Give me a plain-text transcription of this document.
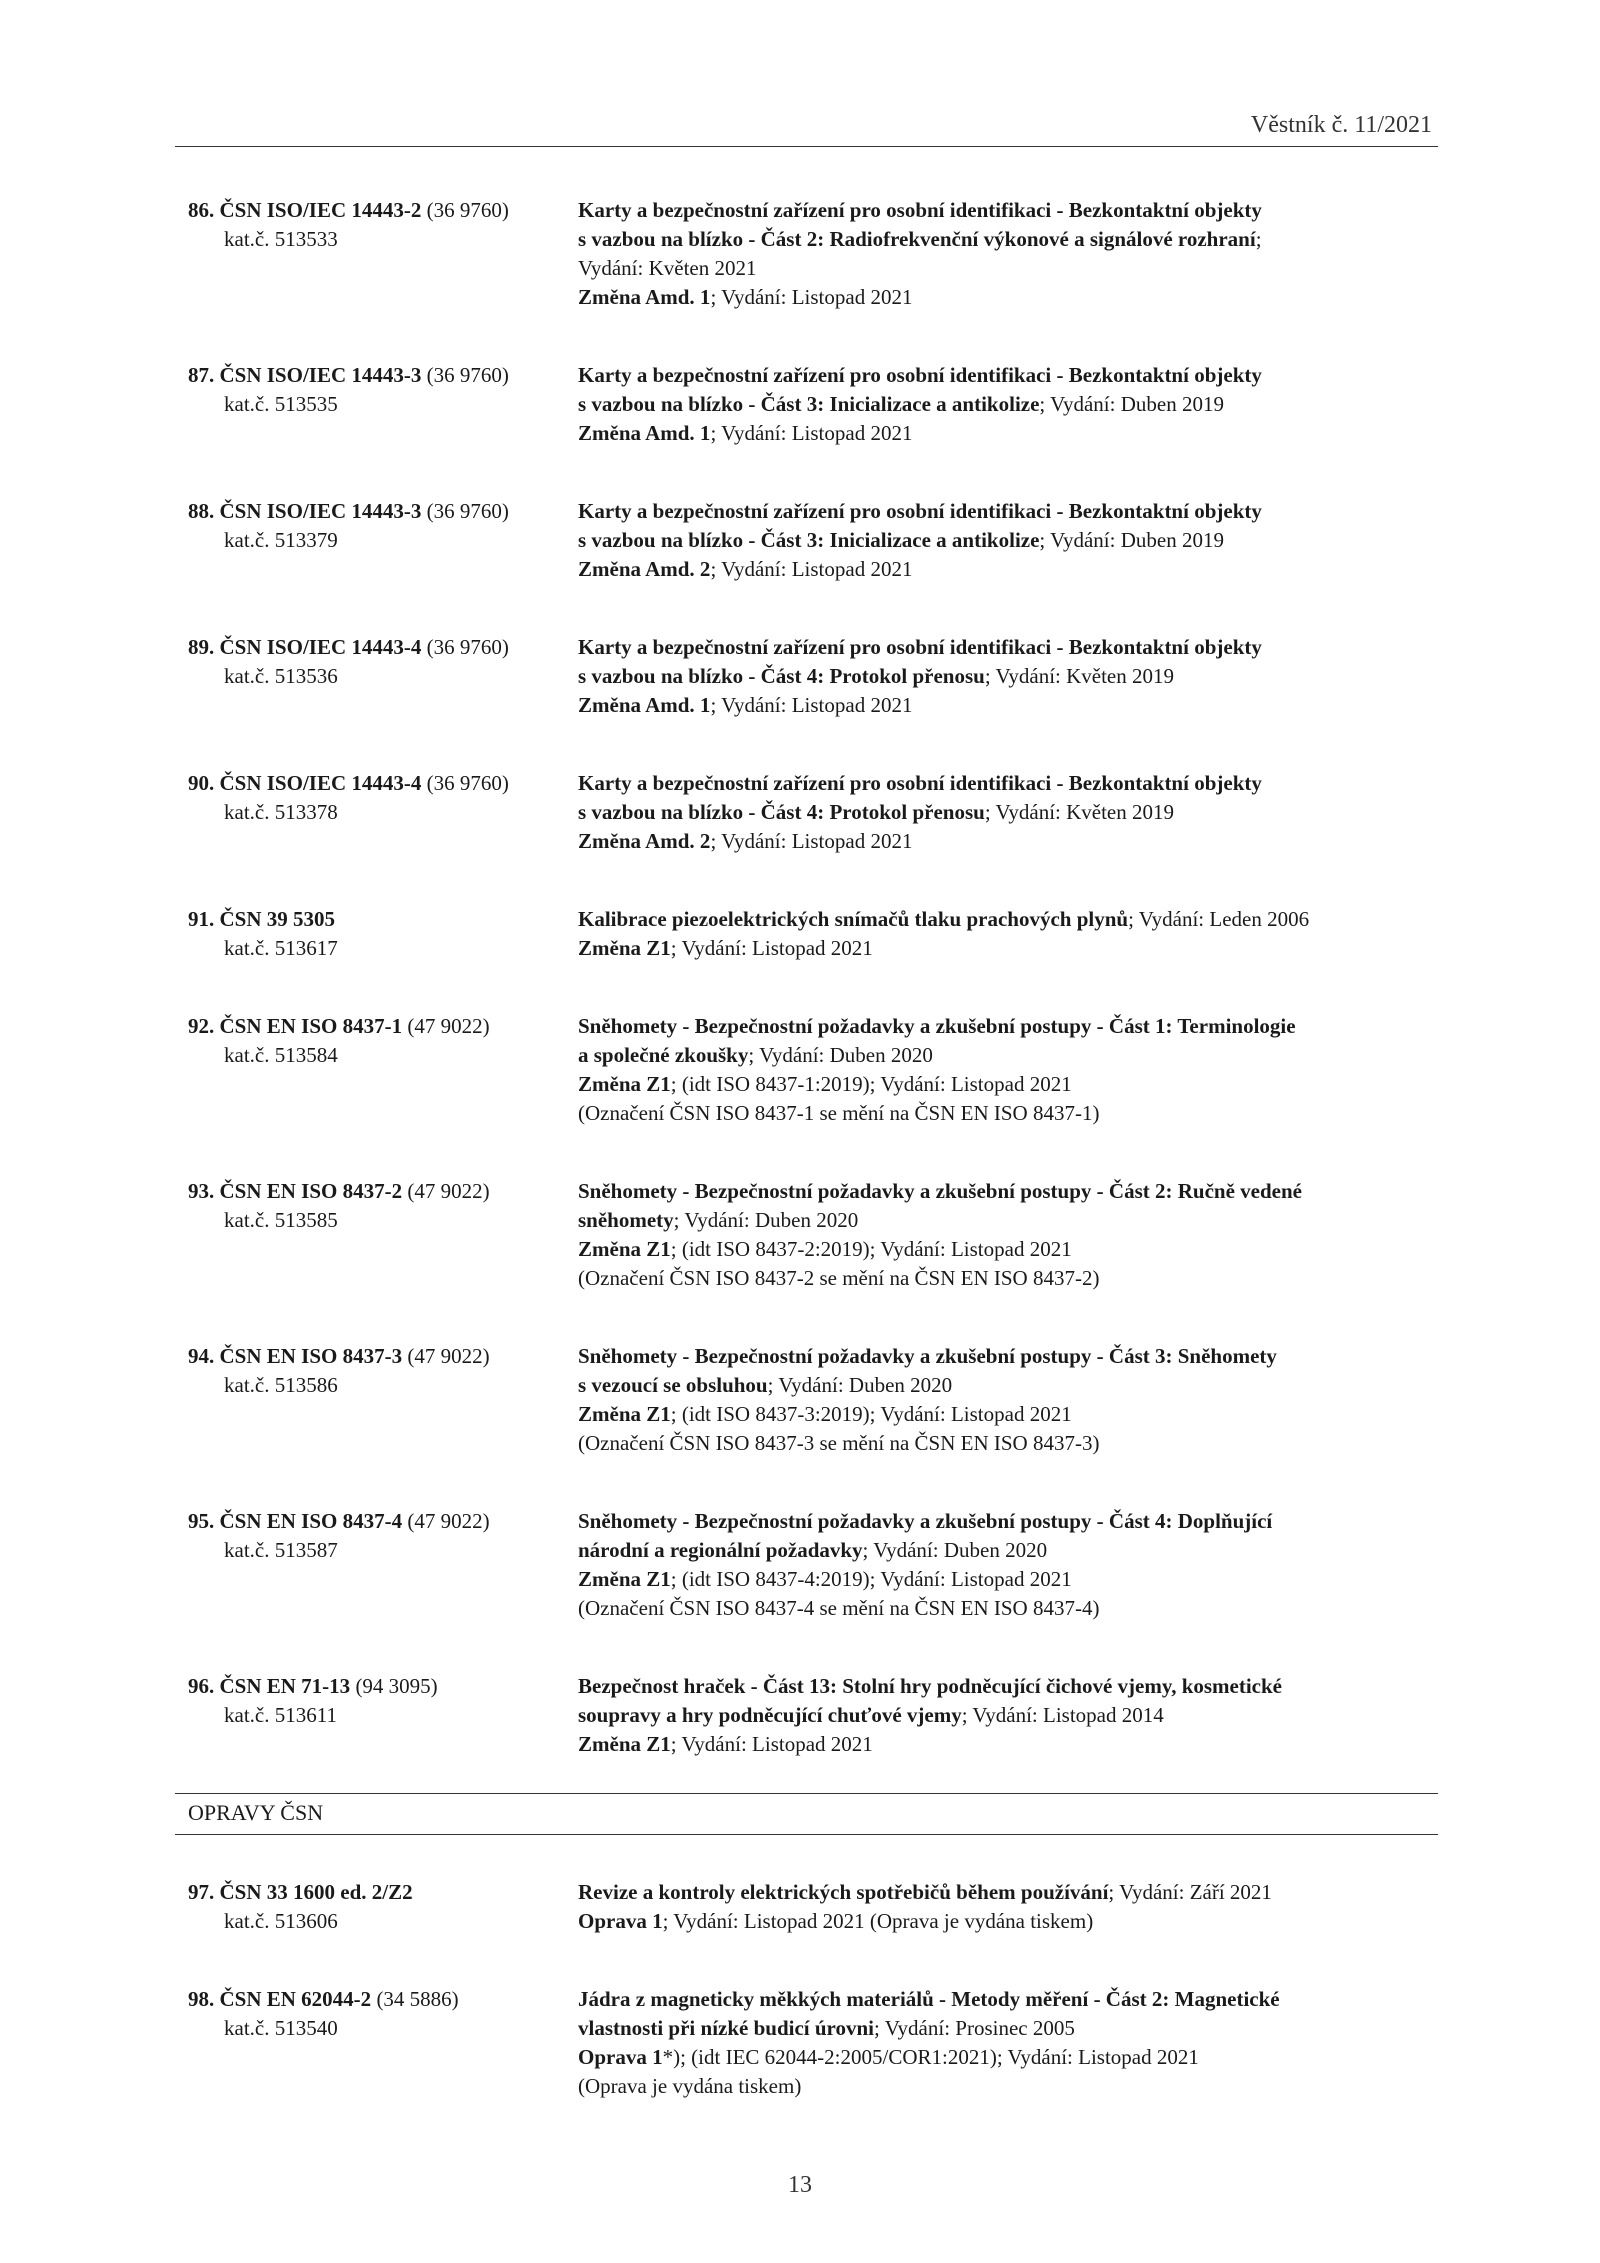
Věstník č. 11/2021
86. ČSN ISO/IEC 14443-2 (36 9760)
kat.č. 513533
Karty a bezpečnostní zařízení pro osobní identifikaci - Bezkontaktní objekty
s vazbou na blízko - Část 2: Radiofrekvenční výkonové a signálové rozhraní;
Vydání: Květen 2021
Změna Amd. 1; Vydání: Listopad 2021
87. ČSN ISO/IEC 14443-3 (36 9760)
kat.č. 513535
Karty a bezpečnostní zařízení pro osobní identifikaci - Bezkontaktní objekty
s vazbou na blízko - Část 3: Inicializace a antikolize; Vydání: Duben 2019
Změna Amd. 1; Vydání: Listopad 2021
88. ČSN ISO/IEC 14443-3 (36 9760)
kat.č. 513379
Karty a bezpečnostní zařízení pro osobní identifikaci - Bezkontaktní objekty
s vazbou na blízko - Část 3: Inicializace a antikolize; Vydání: Duben 2019
Změna Amd. 2; Vydání: Listopad 2021
89. ČSN ISO/IEC 14443-4 (36 9760)
kat.č. 513536
Karty a bezpečnostní zařízení pro osobní identifikaci - Bezkontaktní objekty
s vazbou na blízko - Část 4: Protokol přenosu; Vydání: Květen 2019
Změna Amd. 1; Vydání: Listopad 2021
90. ČSN ISO/IEC 14443-4 (36 9760)
kat.č. 513378
Karty a bezpečnostní zařízení pro osobní identifikaci - Bezkontaktní objekty
s vazbou na blízko - Část 4: Protokol přenosu; Vydání: Květen 2019
Změna Amd. 2; Vydání: Listopad 2021
91. ČSN 39 5305
kat.č. 513617
Kalibrace piezoelektrických snímačů tlaku prachových plynů; Vydání: Leden 2006
Změna Z1; Vydání: Listopad 2021
92. ČSN EN ISO 8437-1 (47 9022)
kat.č. 513584
Sněhomety - Bezpečnostní požadavky a zkušební postupy - Část 1: Terminologie
a společné zkoušky; Vydání: Duben 2020
Změna Z1; (idt ISO 8437-1:2019); Vydání: Listopad 2021
(Označení ČSN ISO 8437-1 se mění na ČSN EN ISO 8437-1)
93. ČSN EN ISO 8437-2 (47 9022)
kat.č. 513585
Sněhomety - Bezpečnostní požadavky a zkušební postupy - Část 2: Ručně vedené
sněhomety; Vydání: Duben 2020
Změna Z1; (idt ISO 8437-2:2019); Vydání: Listopad 2021
(Označení ČSN ISO 8437-2 se mění na ČSN EN ISO 8437-2)
94. ČSN EN ISO 8437-3 (47 9022)
kat.č. 513586
Sněhomety - Bezpečnostní požadavky a zkušební postupy - Část 3: Sněhomety
s vezoucí se obsluhou; Vydání: Duben 2020
Změna Z1; (idt ISO 8437-3:2019); Vydání: Listopad 2021
(Označení ČSN ISO 8437-3 se mění na ČSN EN ISO 8437-3)
95. ČSN EN ISO 8437-4 (47 9022)
kat.č. 513587
Sněhomety - Bezpečnostní požadavky a zkušební postupy - Část 4: Doplňující
národní a regionální požadavky; Vydání: Duben 2020
Změna Z1; (idt ISO 8437-4:2019); Vydání: Listopad 2021
(Označení ČSN ISO 8437-4 se mění na ČSN EN ISO 8437-4)
96. ČSN EN 71-13 (94 3095)
kat.č. 513611
Bezpečnost hraček - Část 13: Stolní hry podněcující čichové vjemy, kosmetické
soupravy a hry podněcující chuťové vjemy; Vydání: Listopad 2014
Změna Z1; Vydání: Listopad 2021
OPRAVY ČSN
97. ČSN 33 1600 ed. 2/Z2
kat.č. 513606
Revize a kontroly elektrických spotřebičů během používání; Vydání: Září 2021
Oprava 1; Vydání: Listopad 2021 (Oprava je vydána tiskem)
98. ČSN EN 62044-2 (34 5886)
kat.č. 513540
Jádra z magneticky měkkých materiálů - Metody měření - Část 2: Magnetické
vlastnosti při nízké budicí úrovni; Vydání: Prosinec 2005
Oprava 1*); (idt IEC 62044-2:2005/COR1:2021); Vydání: Listopad 2021
(Oprava je vydána tiskem)
13
